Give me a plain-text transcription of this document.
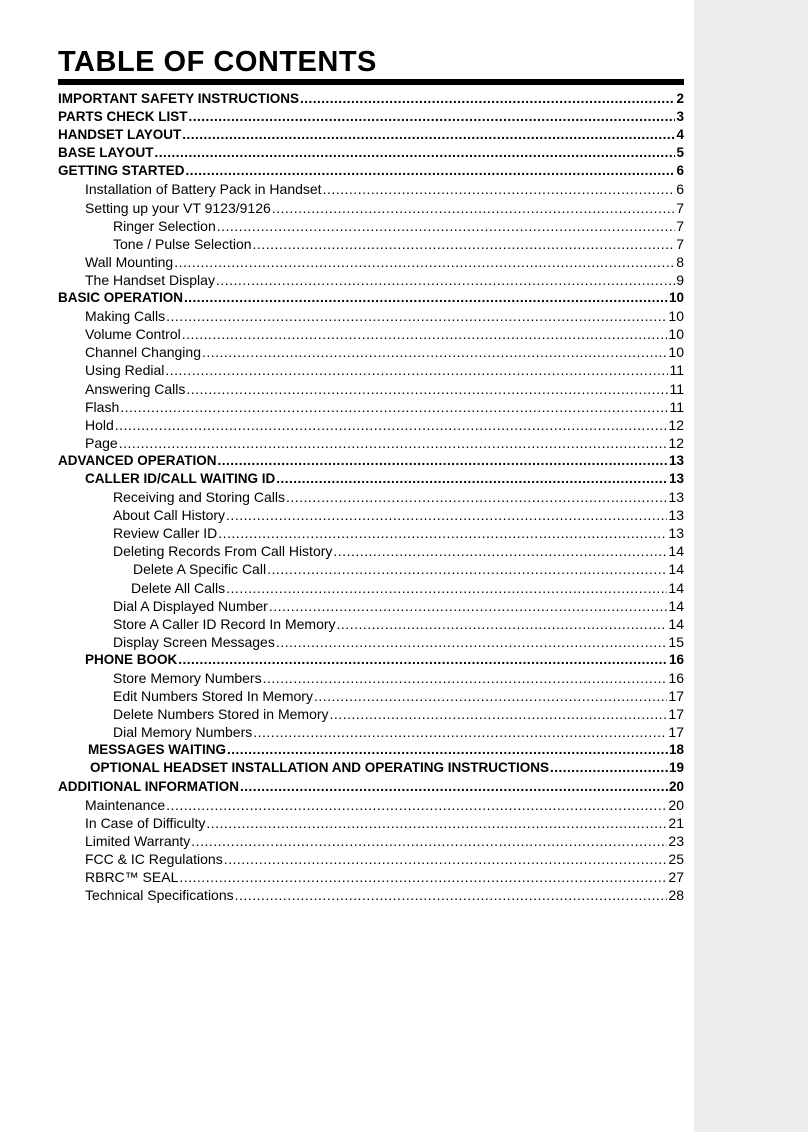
TABLE OF CONTENTS
IMPORTANT SAFETY INSTRUCTIONS .....	2
PARTS CHECK LIST .....	3
HANDSET LAYOUT .....	4
BASE LAYOUT .....	5
GETTING STARTED .....	6
Installation of Battery Pack in Handset .....	6
Setting up your VT 9123/9126 .....	7
Ringer Selection .....	7
Tone / Pulse Selection .....	7
Wall Mounting .....	8
The Handset Display .....	9
BASIC OPERATION .....	10
Making Calls .....	10
Volume Control .....	10
Channel Changing .....	10
Using Redial .....	11
Answering Calls .....	11
Flash .....	11
Hold .....	12
Page .....	12
ADVANCED OPERATION .....	13
CALLER ID/CALL WAITING ID .....	13
Receiving and Storing Calls .....	13
About Call History .....	13
Review Caller ID .....	13
Deleting Records From Call History .....	14
Delete A Specific Call .....	14
Delete All Calls .....	14
Dial A Displayed Number .....	14
Store A Caller ID Record In Memory .....	14
Display Screen Messages .....	15
PHONE BOOK .....	16
Store Memory Numbers .....	16
Edit Numbers Stored In Memory .....	17
Delete Numbers Stored in Memory .....	17
Dial Memory Numbers .....	17
MESSAGES WAITING .....	18
OPTIONAL HEADSET INSTALLATION AND OPERATING INSTRUCTIONS .....	19
ADDITIONAL INFORMATION .....	20
Maintenance .....	20
In Case of Difficulty .....	21
Limited Warranty .....	23
FCC & IC Regulations .....	25
RBRC™ SEAL .....	27
Technical Specifications .....	28
